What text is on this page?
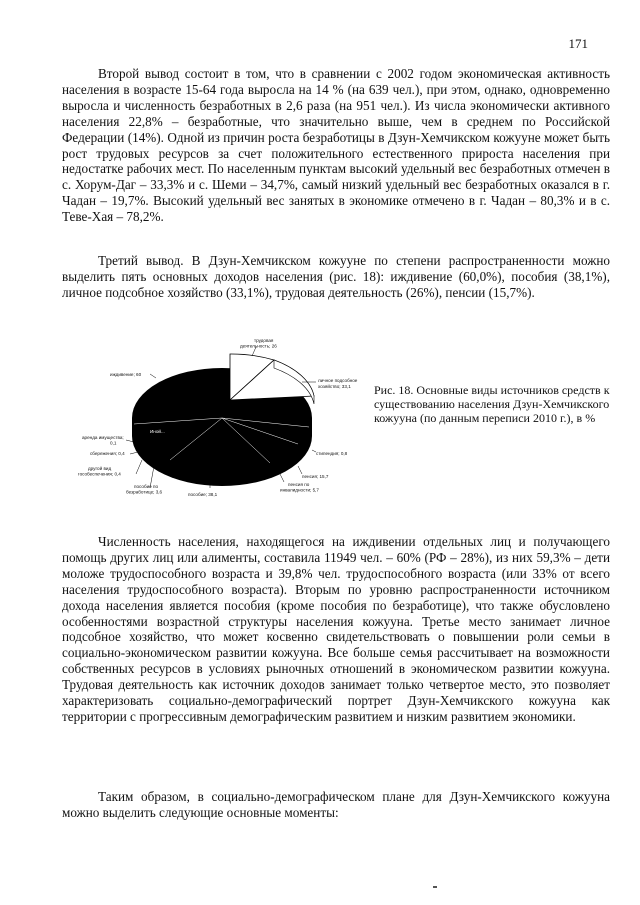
171

Второй вывод состоит в том, что в сравнении с 2002 годом экономическая активность населения в возрасте 15-64 года выросла на 14 % (на 639 чел.), при этом, однако, одновременно выросла и численность безработных в 2,6 раза (на 951 чел.). Из числа экономически активного населения 22,8% – безработные, что значительно выше, чем в среднем по Российской Федерации (14%). Одной из причин роста безработицы в Дзун-Хемчикском кожууне может быть рост трудовых ресурсов за счет положительного естественного прироста населения при недостатке рабочих мест. По населенным пунктам высокий удельный вес безработных отмечен в с. Хорум-Даг – 33,3% и с. Шеми – 34,7%, самый низкий удельный вес безработных оказался в г. Чадан – 19,7%. Высокий удельный вес занятых в экономике отмечено в г. Чадан – 80,3% и в с. Теве-Хая – 78,2%.

Третий вывод. В Дзун-Хемчикском кожууне по степени распространенности можно выделить пять основных доходов населения (рис. 18): иждивение (60,0%), пособия (38,1%), личное подсобное хозяйство (33,1%), трудовая деятельность (26%), пенсии (15,7%).

Иной...
трудовая деятельность; 26
личное подсобное хозяйство; 33,1
стипендия; 0,8
пенсия; 15,7
пенсия по инвалидности; 5,7
пособие; 38,1
пособие по безработице; 3,6
другой вид гособеспечения; 0,4
сбережения; 0,4
аренда имущества; 0,1
иждивение; 60
Рис. 18. Основные виды источников средств к существованию населения Дзун-Хемчикского кожууна (по данным переписи 2010 г.), в %

Численность населения, находящегося на иждивении отдельных лиц и получающего помощь других лиц или алименты, составила 11949 чел. – 60% (РФ – 28%), из них 59,3% – дети моложе трудоспособного возраста и 39,8% чел. трудоспособного возраста (или 33% от всего населения трудоспособного возраста). Вторым по уровню распространенности источником дохода населения является пособия (кроме пособия по безработице), что также обусловлено особенностями возрастной структуры населения кожууна. Третье место занимает личное подсобное хозяйство, что может косвенно свидетельствовать о повышении роли семьи в социально-экономическом развитии кожууна. Все больше семья рассчитывает на возможности собственных ресурсов в условиях рыночных отношений в экономическом развитии кожууна. Трудовая деятельность как источник доходов занимает только четвертое место, это позволяет характеризовать социально-демографический портрет Дзун-Хемчикского кожууна как территории с прогрессивным демографическим развитием и низким развитием экономики.

Таким образом, в социально-демографическом плане для Дзун-Хемчикского кожууна можно выделить следующие основные моменты:
